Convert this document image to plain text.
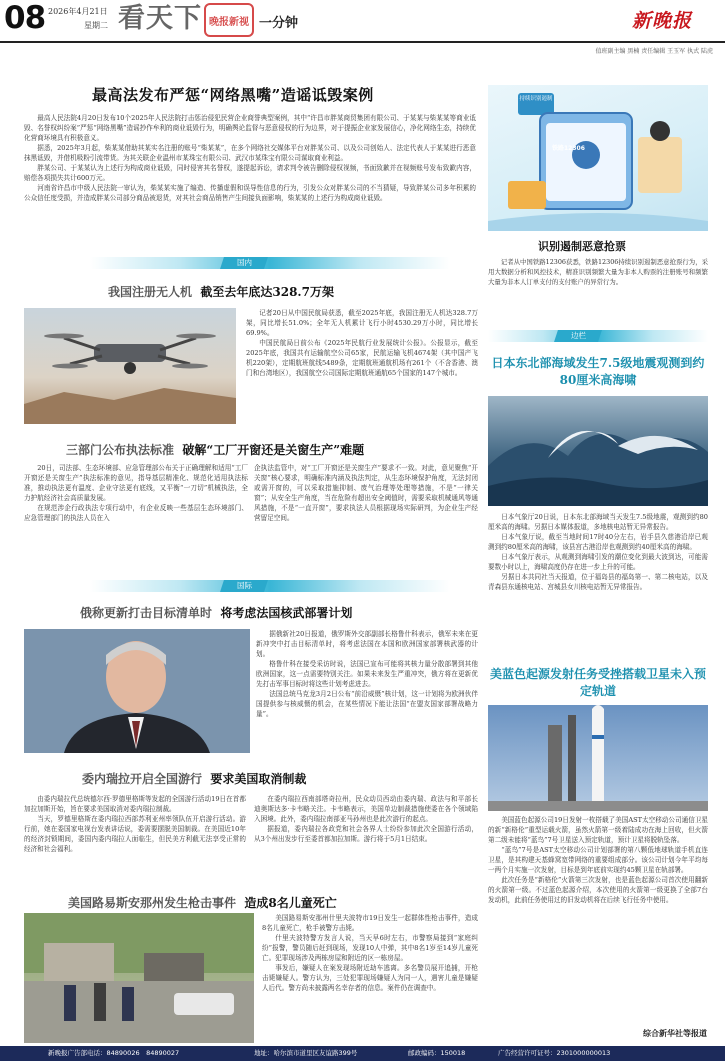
08 2026年4月21日
星期二 看天下 晚报新视 一分钟	新晚报
值班副主编 黑楠 责任编辑 王玉军 执式 陆虎
最高法发布严惩“网络黑嘴”造谣诋毁案例

最高人民法院4月20日发布10个2025年人民法院打击惩治侵犯民营企业商誉典型案例，其中“许昌市胖某商贸集团有限公司、于某某与柴某某等商业诋毁、名誉权纠纷案”严惩“网络黑嘴”造谣抄作牟利的商业诋毁行为，明确舆论监督与恶意侵权的行为边界，对于提振企业家发展信心，净化网络生态，持续优化营商环境具有积极意义。

据悉，2025年3月起，柴某某借助其某实名注册的账号“柴某某”，在多个网络社交媒体平台对胖某公司、以及公司创始人、法定代表人于某某进行恶意抹黑诋毁，并借机吸粉引流带货。为其关联企业温州市某珠宝有限公司、武汉市某珠宝有限公司谋取商业利益。

胖某公司、于某某认为上述行为构成商业诋毁，同时侵害其名誉权，遂提起诉讼，请求判令被告删除侵权视频，书面致歉并在视频账号发布致歉内容，赔偿各项损失共计600万元。

河南省许昌市中级人民法院一审认为，柴某某实施了编造、传播虚假和误导性信息的行为，引发公众对胖某公司的不当猜疑，导致胖某公司多年积累的公众信任度受损，并造成胖某公司部分商品被退货，对其社会商品销售产生间接负面影响，柴某某的上述行为构成商业诋毁。

持续识别遏制
铁路12306
识别遏制恶意抢票

记者从中国铁路12306获悉，铁路12306持续识别遏制恶意抢票行为，采用大数据分析和风控技术，精准识别频繁大量为非本人购票的注册账号和频繁大量为非本人订单支付的支付账户的异常行为。

国内
我国注册无人机 截至去年底达328.7万架

记者20日从中国民航局获悉，截至2025年底，我国注册无人机达328.7万架，同比增长51.0%；全年无人机累计飞行小时4530.29万小时，同比增长69.9%。

中国民航局日前公布《2025年民航行业发展统计公报》。公报显示，截至2025年底，我国共有运输航空公司65家，民航运输飞机4674架（其中国产飞机220架），定期航班航线5489条，定期航班通航机场有261个（不含香港、澳门和台湾地区），我国航空公司国际定期航班通航65个国家的147个城市。

三部门公布执法标准 破解“工厂开窗还是关窗生产”难题

20日，司法部、生态环境部、应急管理部公布关于正确理解和适用“工厂开窗还是关窗生产”执法标准的意见，指导基层精准化、规范化适用执法标准，推动执法更有温度、企业守法更有底线，又平衡“一刀切”机械执法，全力护航经济社会高质量发展。

在规范涉企行政执法专项行动中，有企业反映一些基层生态环境部门、应急管理部门的执法人员在入

企执法监管中，对“工厂开窗还是关窗生产”要求不一致。对此，意见聚焦“开关窗”核心要求，明确标准内涵及执法判定，从生态环境保护角度，无法封闭或需开窗的，可以采取措施抑制、废气治理等处理等措施，不是“一律关窗”；从安全生产角度，当在危险有超出安全阈值时，需要采取机械通风等通风措施，不是“一直开窗”，要求执法人员根据现场实际研判，为企业生产经营留足空间。

国际
俄称更新打击目标清单时 将考虑法国核武部署计划

据俄新社20日报道，俄罗斯外交部副部长格鲁什科表示，俄军未来在更新冲突中打击目标清单时，将考虑法国在本国和欧洲国家部署核武器的计划。

格鲁什科在接受采访时说，法国已宣布可能将其核力量分散部署到其他欧洲国家，这一点需要特别关注。如果未来发生严重冲突，俄方将在更新优先打击军事目标时将这些计划考虑进去。

法国总统马克龙3月2日公布“前沿威慑”核计划，这一计划将为欧洲伙伴国提供参与核威慑的机会，在某些情况下能让法国“在盟友国家部署战略力量”。

委内瑞拉开启全国游行 要求美国取消制裁

由委内瑞拉代总统德尔西·罗德里格斯等发起的全国游行活动19日在首都加拉加斯开始，旨在要求美国取消对委内瑞拉制裁。

当天，罗德里格斯在委内瑞拉西部苏利亚州率领队伍开启游行活动。游行前，她在委国家电视台发表讲话说，委需要摆脱美国制裁。在美国近10年的经济封锁期间，委国内委内瑞拉人面临生，但民美方利截无法享受正常的经济和社会福利。

在委内瑞拉西南部塔奇拉州，民众动员西动由委内瑞、政法与和平部长迪奥斯达多·卡韦略关注。卡韦略表示，美国单边制裁措施使委在各个领域陷入困境。此外，委内瑞拉南部亚马孙州也是此次游行的起点。

据报道，委内瑞拉各政党和社会各界人士纷纷参加此次全国游行活动，从3个州出发步行至委首都加拉加斯。游行将于5月1日结束。

美国路易斯安那州发生枪击事件 造成8名儿童死亡

美国路易斯安那州什里夫波特市19日发生一起群体性枪击事件，造成8名儿童死亡，枪手被警方击毙。

什里夫波特警方发言人说，当天早6时左右，市警察局接到“家庭纠纷”报警，警员随后赶到现场，发现10人中弹，其中8名1岁至14岁儿童死亡。犯罪现场涉及两栋房屋和附近的区一栋房屋。

事发后，嫌疑人在案发现场附近劫车逃离。多名警员展开追捕，开枪击毙嫌疑人。警方认为，三处犯罪现场嫌疑人为同一人，遇害儿童是嫌疑人后代。警方尚未披露两名幸存者的信息。案件仍在调查中。

边栏
日本东北部海域发生7.5级地震观测到约80厘米高海啸

日本气象厅20日说，日本东北部海域当天发生7.5级地震，观测到约80厘米高的海啸。另据日本媒体报道，多地核电站暂无异常报告。

日本气象厅说，截至当地时间17时40分左右，岩手县久慈港沿岸已观测到约80厘米高的海啸，该县宫古港沿岸也观测到约40厘米高的海啸。

日本气象厅表示，从观测到海啸引发的潮位变化到最大波到达，可能需要数小时以上，海啸高度仍存在进一步上升的可能。

另据日本共同社当天报道，位于福岛县的福岛第一、第二核电站，以及青森县东通核电站、宫城县女川核电站暂无异常报告。

美蓝色起源发射任务受挫搭载卫星未入预定轨道

美国蓝色起源公司19日发射一枚搭载了美国AST太空移动公司通信卫星的新“新格伦”重型运载火箭，虽然火箭第一级着陆成功在海上回收，但火箭第二级未能将“蓝鸟”7号卫星送入预定轨道，预计卫星将脱轨坠落。

“蓝鸟”7号是AST太空移动公司计划部署的第八颗低地球轨道手机直连卫星，是其构建天基蜂窝宽带网络的重要组成部分。该公司计划今年平均每一两个月实施一次发射，目标是到年底前实现约45颗卫星在轨部署。

此次任务是“新格伦”火箭第三次发射，也是蓝色起源公司首次使用翻新的火箭第一级。不过蓝色起源介绍，本次使用的火箭第一级更换了全部7台发动机，此前任务使用过的旧发动机将在后续飞行任务中使用。

综合新华社等报道
新晚报广告部电话：84890026　84890027	地址：哈尔滨市道里区友谊路399号	邮政编码：150018	广告经营许可证号：2301000000013
